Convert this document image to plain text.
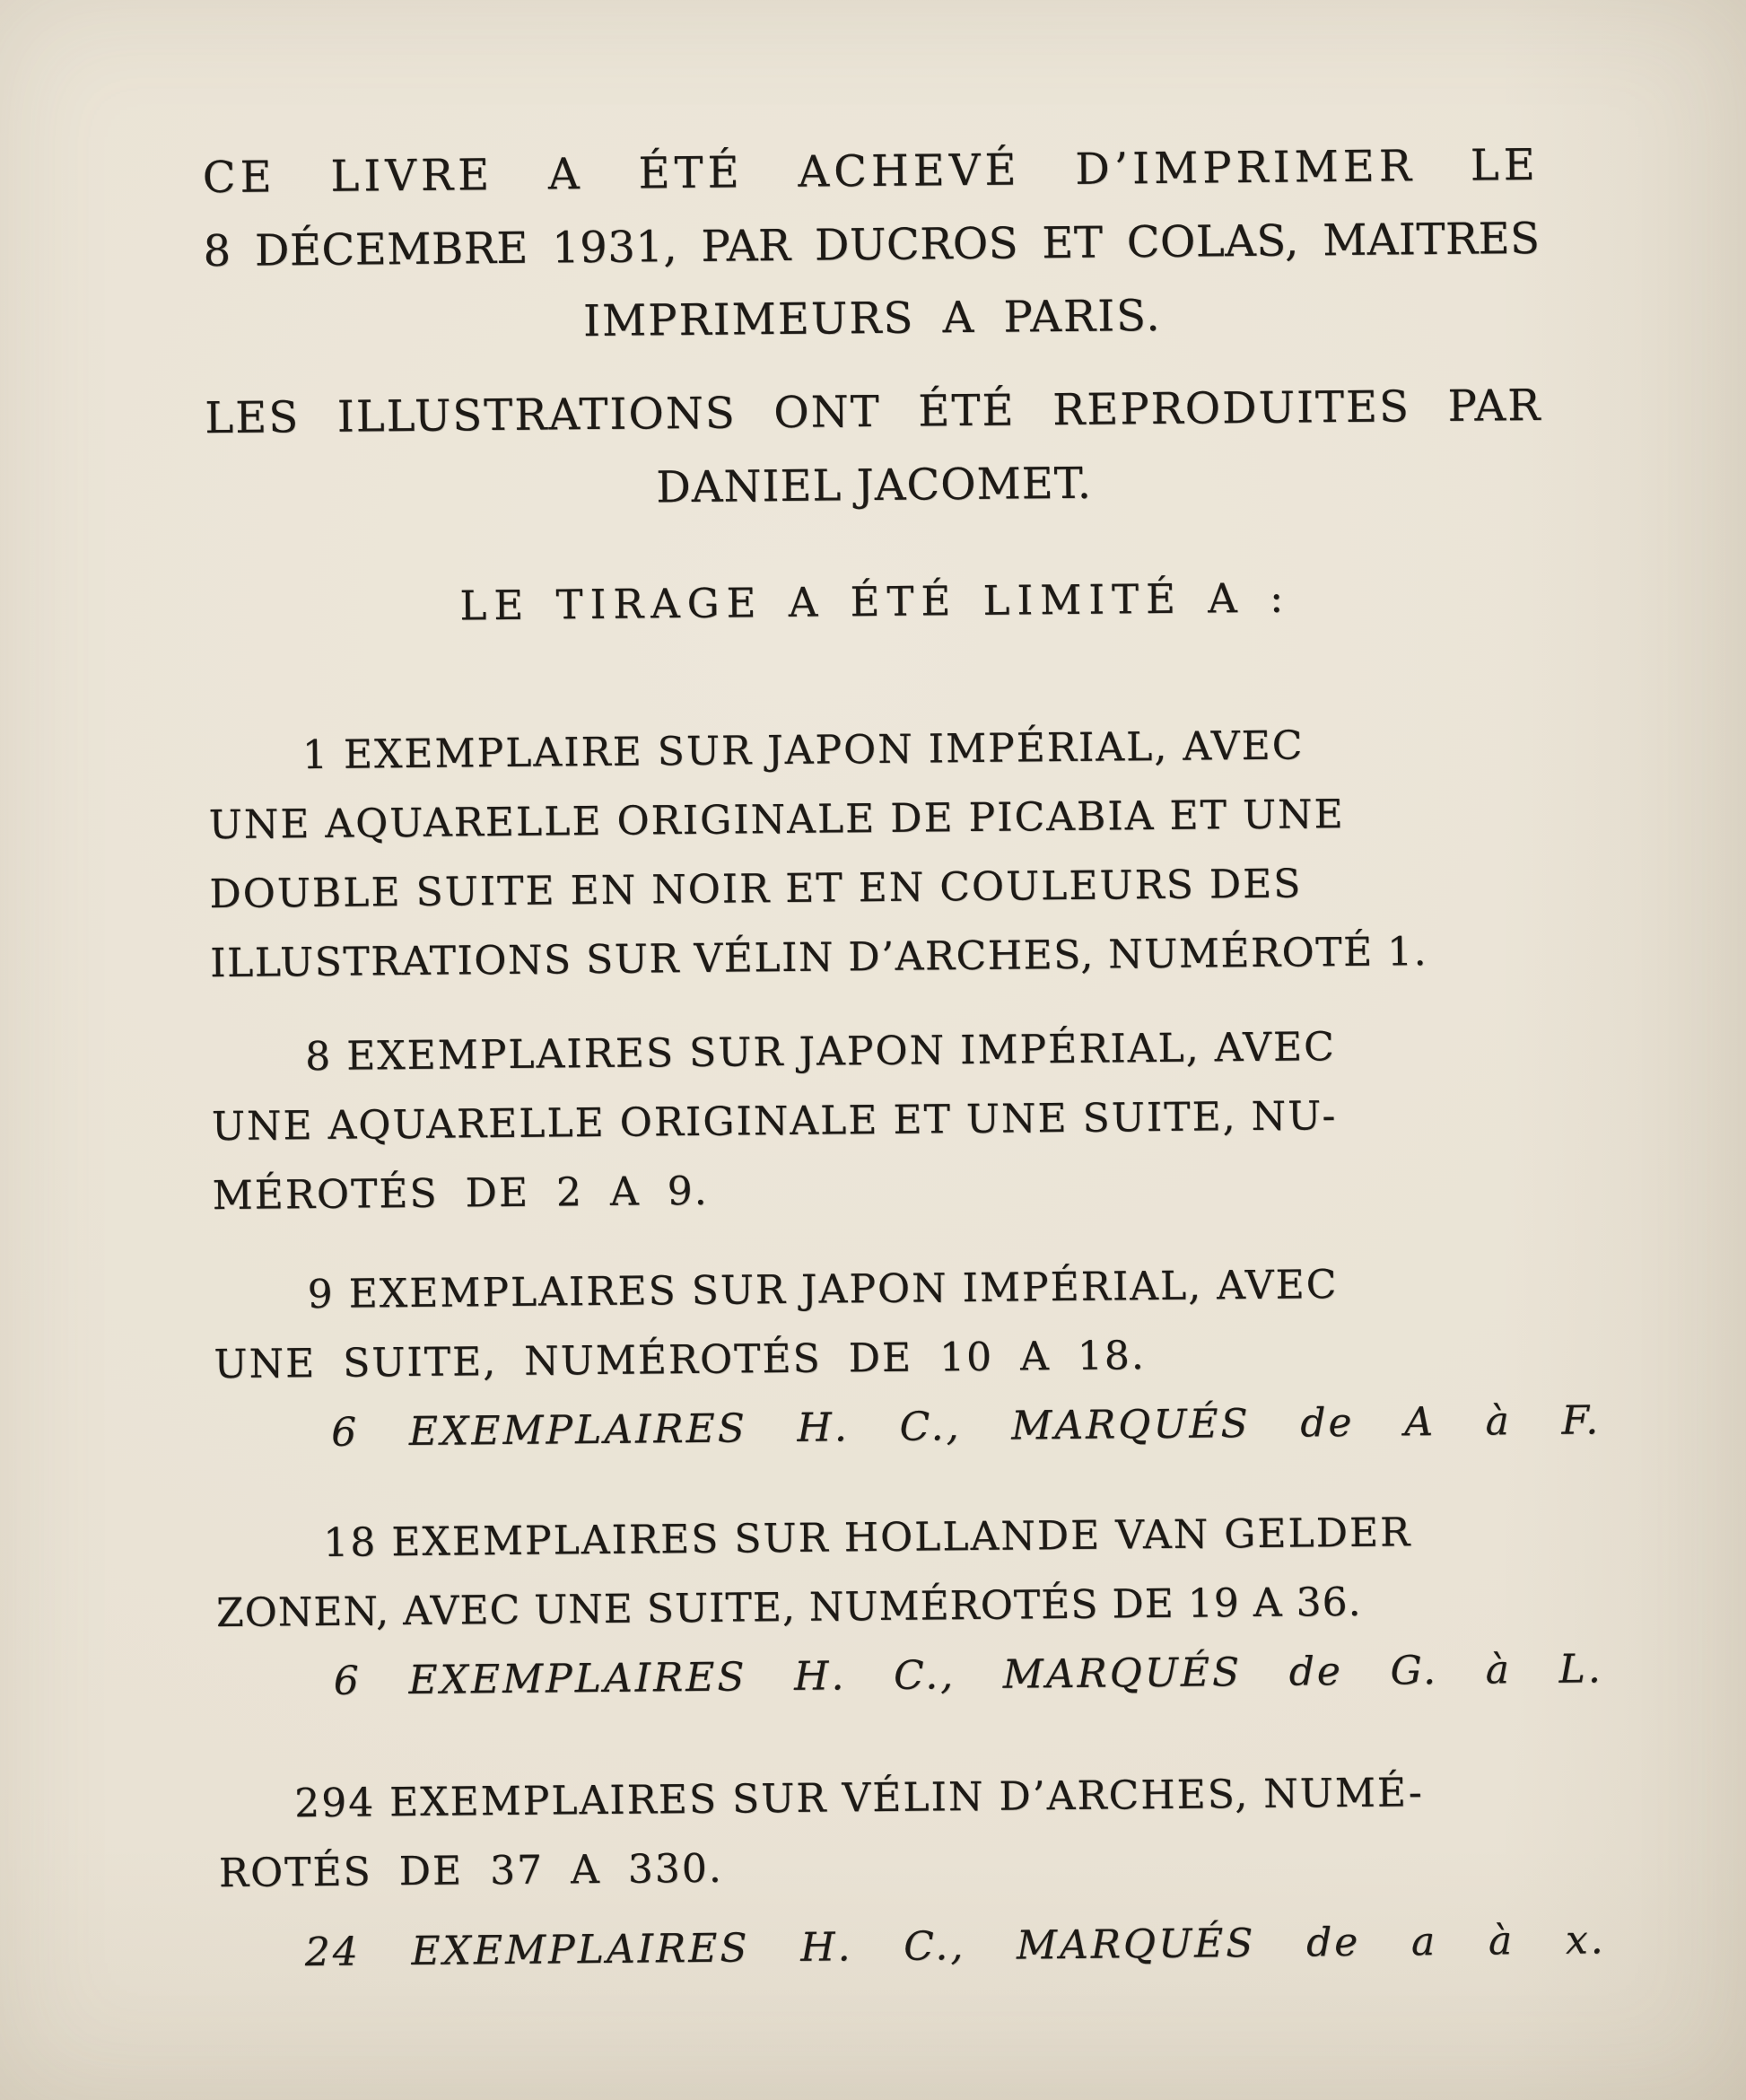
CE LIVRE A ÉTÉ ACHEVÉ D’IMPRIMER LE
8 DÉCEMBRE 1931, PAR DUCROS ET COLAS, MAITRES
IMPRIMEURS A PARIS.
LES ILLUSTRATIONS ONT ÉTÉ REPRODUITES PAR
DANIEL JACOMET.
LE TIRAGE A ÉTÉ LIMITÉ A :
1 EXEMPLAIRE SUR JAPON IMPÉRIAL, AVEC
UNE AQUARELLE ORIGINALE DE PICABIA ET UNE
DOUBLE SUITE EN NOIR ET EN COULEURS DES
ILLUSTRATIONS SUR VÉLIN D’ARCHES, NUMÉROTÉ 1.
8 EXEMPLAIRES SUR JAPON IMPÉRIAL, AVEC
UNE AQUARELLE ORIGINALE ET UNE SUITE, NU-
MÉROTÉS DE 2 A 9.
9 EXEMPLAIRES SUR JAPON IMPÉRIAL, AVEC
UNE SUITE, NUMÉROTÉS DE 10 A 18.
6 EXEMPLAIRES H. C., MARQUÉS de A à F.
18 EXEMPLAIRES SUR HOLLANDE VAN GELDER
ZONEN, AVEC UNE SUITE, NUMÉROTÉS DE 19 A 36.
6 EXEMPLAIRES H. C., MARQUÉS de G. à L.
294 EXEMPLAIRES SUR VÉLIN D’ARCHES, NUMÉ-
ROTÉS DE 37 A 330.
24 EXEMPLAIRES H. C., MARQUÉS de a à x.
